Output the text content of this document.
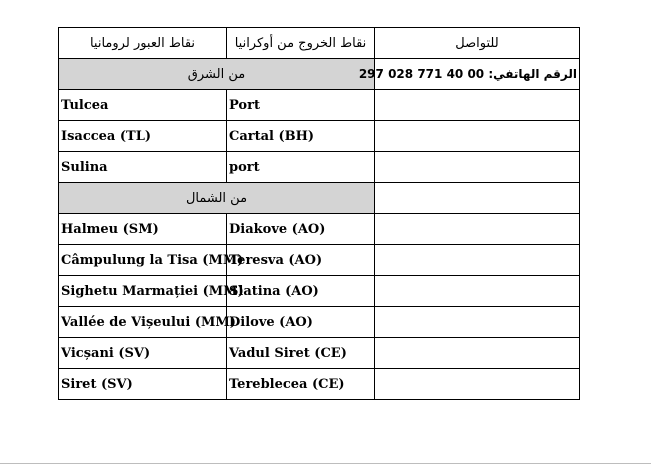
نقاط العبور لرومانيا	نقاط الخروج من أوكرانيا	للتواصل
من الشرق		الرقم الهاتفي: 00 40 771 028 297
Tulcea	Port	
Isaccea (TL)	Cartal (BH)	
Sulina	port	
من الشمال		
Halmeu (SM)	Diakove (AO)	
Câmpulung la Tisa (MM)	Teresva (AO)	
Sighetu Marmației (MM)	Slatina (AO)	
Vallée de Vișeului (MM)	Dilove (AO)	
Vicșani (SV)	Vadul Siret (CE)	
Siret (SV)	Tereblecea (CE)	
